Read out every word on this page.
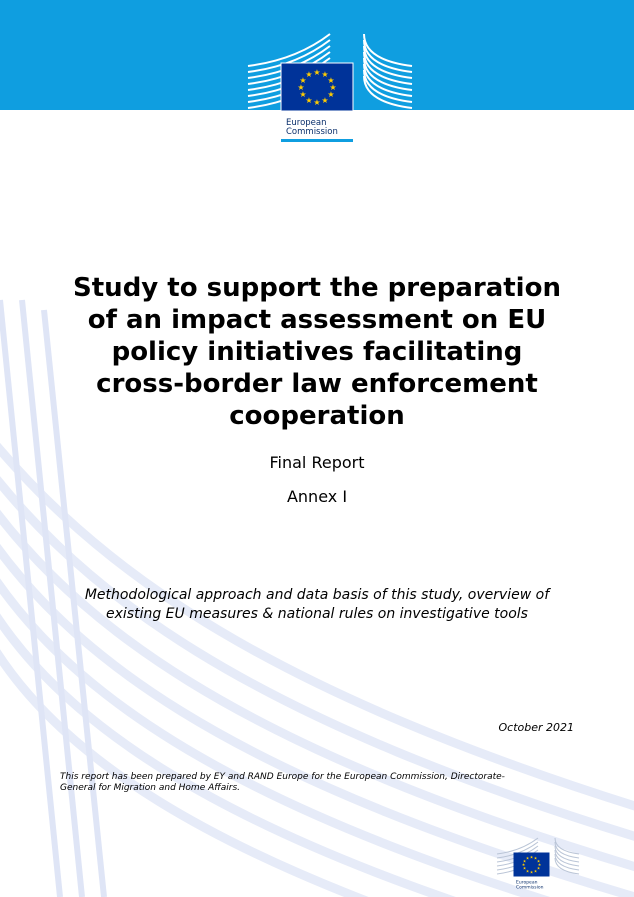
★ ★
★
★
★
★
★
★
★
★
★
★
European
Commission
Study to support the preparation
of an impact assessment on EU
policy initiatives facilitating
cross-border law enforcement
cooperation
Final Report
Annex I
Methodological approach and data basis of this study, overview of
existing EU measures & national rules on investigative tools
October 2021
This report has been prepared by EY and RAND Europe for the European Commission, Directorate-
General for Migration and Home Affairs.
★ ★
★
★
★
★
★
★
★
★
★
★
European
Commission
